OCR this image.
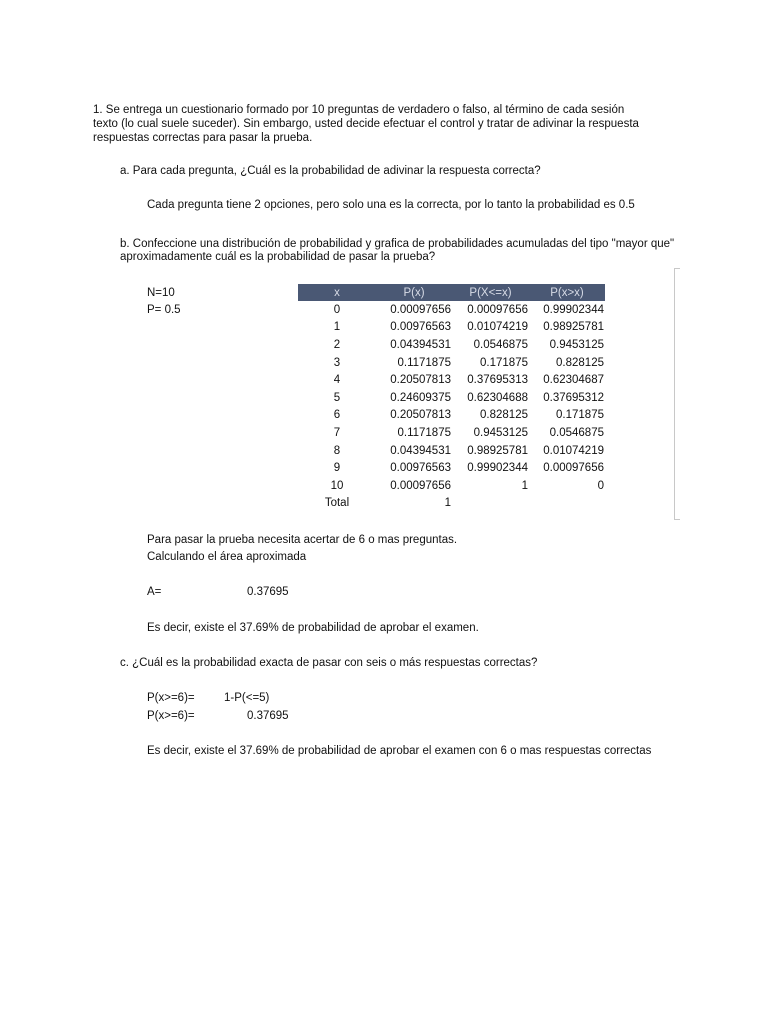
1. Se entrega un cuestionario formado por 10 preguntas de verdadero o falso, al término de cada sesión
texto (lo cual suele suceder). Sin embargo, usted decide efectuar el control y tratar de adivinar la respuesta
respuestas correctas para pasar la prueba.
a. Para cada pregunta, ¿Cuál es la probabilidad de adivinar la respuesta correcta?
Cada pregunta tiene 2 opciones, pero solo una es la correcta, por lo tanto la probabilidad es 0.5
b. Confeccione una distribución de probabilidad y grafica de probabilidades acumuladas del tipo "mayor que"
aproximadamente cuál es la probabilidad de pasar la prueba?
N=10
P= 0.5
x	P(x)	P(X<=x)	P(x>x)
0	0.00097656	0.00097656	0.99902344
1	0.00976563	0.01074219	0.98925781
2	0.04394531	0.0546875	0.9453125
3	0.1171875	0.171875	0.828125
4	0.20507813	0.37695313	0.62304687
5	0.24609375	0.62304688	0.37695312
6	0.20507813	0.828125	0.171875
7	0.1171875	0.9453125	0.0546875
8	0.04394531	0.98925781	0.01074219
9	0.00976563	0.99902344	0.00097656
10	0.00097656	1	0
Total	1		
Para pasar la prueba necesita acertar de 6 o mas preguntas.
Calculando el área aproximada
A=	0.37695
Es decir, existe el 37.69% de probabilidad de aprobar el examen.
c. ¿Cuál es la probabilidad exacta de pasar con seis o más respuestas correctas?
P(x>=6)=	1-P(<=5)
P(x>=6)=	0.37695
Es decir, existe el 37.69% de probabilidad de aprobar el examen con 6 o mas respuestas correctas
